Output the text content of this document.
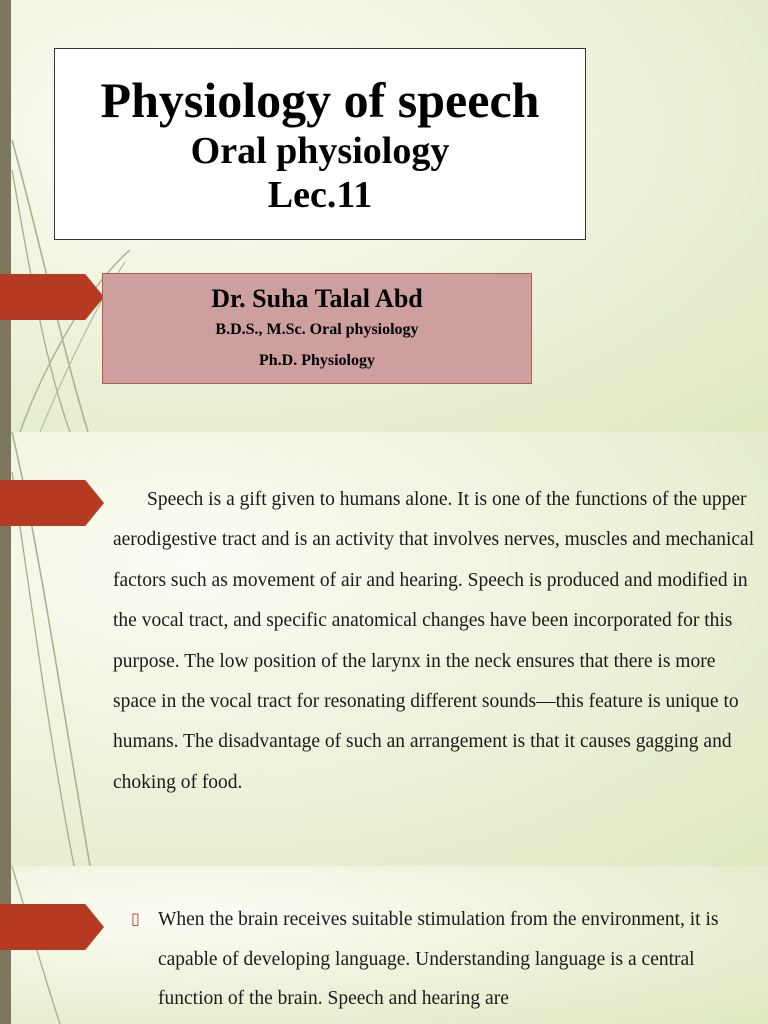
Physiology of speech
Oral physiology
Lec.11
Dr. Suha Talal Abd
B.D.S., M.Sc. Oral physiology
Ph.D. Physiology

Speech is a gift given to humans alone. It is one of the functions of the upper aerodigestive tract and is an activity that involves nerves, muscles and mechanical factors such as movement of air and hearing. Speech is produced and modified in the vocal tract, and specific anatomical changes have been incorporated for this purpose. The low position of the larynx in the neck ensures that there is more space in the vocal tract for resonating different sounds—this feature is unique to humans. The disadvantage of such an arrangement is that it causes gagging and choking of food.

▯ When the brain receives suitable stimulation from the environment, it is capable of developing language. Understanding language is a central function of the brain. Speech and hearing are
